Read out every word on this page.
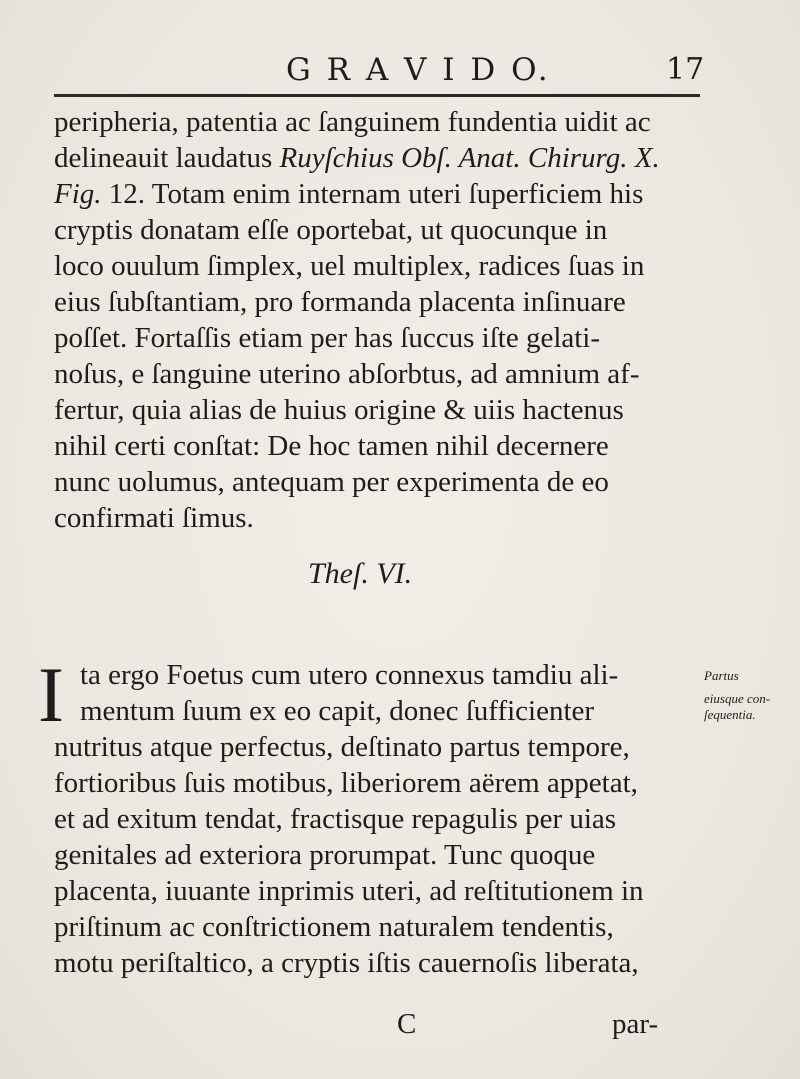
G R A V I D O.	17
peripheria, patentia ac ſanguinem fundentia uidit ac
delineauit laudatus Ruyſchius Obſ. Anat. Chirurg. X.
Fig. 12. Totam enim internam uteri ſuperficiem his
cryptis donatam eſſe oportebat, ut quocunque in
loco ouulum ſimplex, uel multiplex, radices ſuas in
eius ſubſtantiam, pro formanda placenta inſinuare
poſſet. Fortaſſis etiam per has ſuccus iſte gelati-
noſus, e ſanguine uterino abſorbtus, ad amnium af-
fertur, quia alias de huius origine & uiis hactenus
nihil certi conſtat: De hoc tamen nihil decernere
nunc uolumus, antequam per experimenta de eo
confirmati ſimus.
Theſ. VI.
I ta ergo Foetus cum utero connexus tamdiu ali-
mentum ſuum ex eo capit, donec ſufficienter
nutritus atque perfectus, deſtinato partus tempore,
fortioribus ſuis motibus, liberiorem aërem appetat,
et ad exitum tendat, fractisque repagulis per uias
genitales ad exteriora prorumpat. Tunc quoque
placenta, iuuante inprimis uteri, ad reſtitutionem in
priſtinum ac conſtrictionem naturalem tendentis,
motu periſtaltico, a cryptis iſtis cauernoſis liberata,
Partus
eiusque con-
ſequentia.
C	par-
